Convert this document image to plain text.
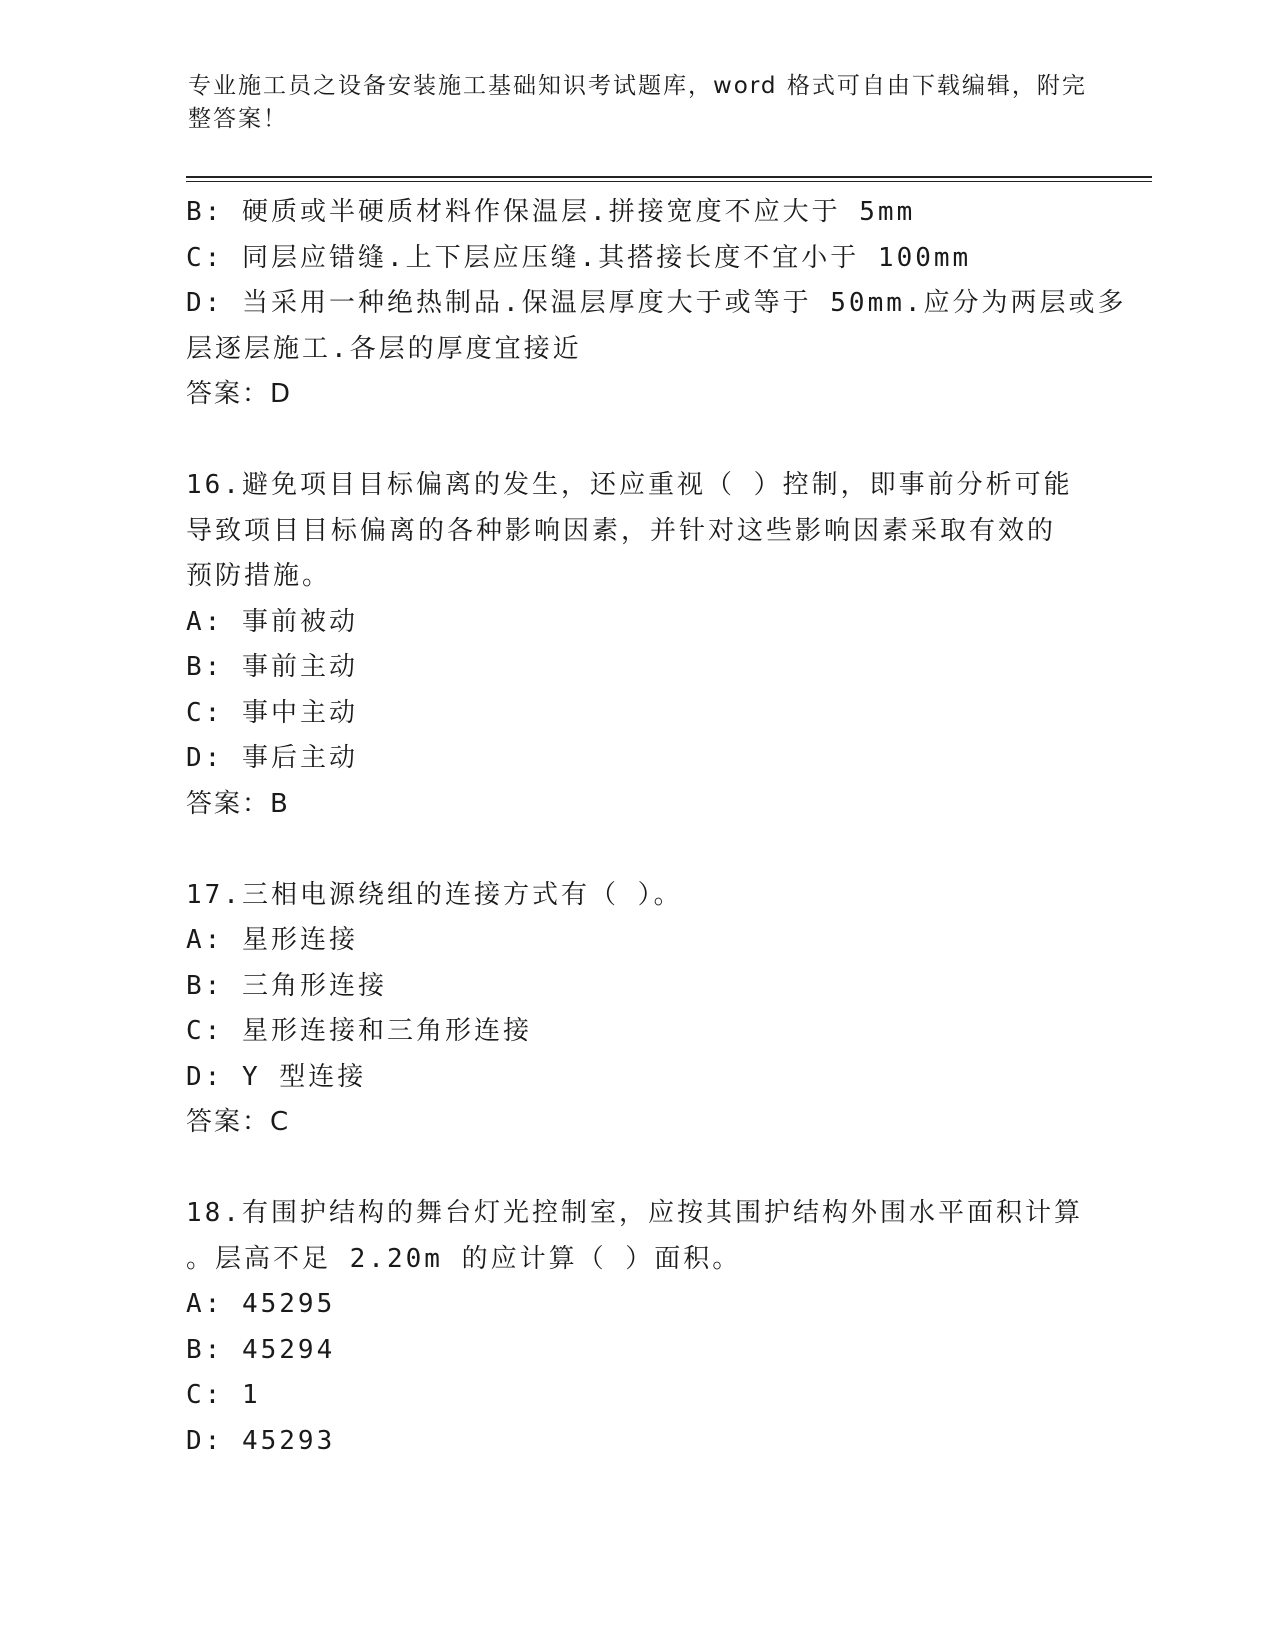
专业施工员之设备安装施工基础知识考试题库，word 格式可自由下载编辑，附完
整答案！
B: 硬质或半硬质材料作保温层.拼接宽度不应大于 5mm
C: 同层应错缝.上下层应压缝.其搭接长度不宜小于 100mm
D: 当采用一种绝热制品.保温层厚度大于或等于 50mm.应分为两层或多
层逐层施工.各层的厚度宜接近
答案：D
16.避免项目目标偏离的发生，还应重视（ ）控制，即事前分析可能
导致项目目标偏离的各种影响因素，并针对这些影响因素采取有效的
预防措施。
A: 事前被动
B: 事前主动
C: 事中主动
D: 事后主动
答案：B
17.三相电源绕组的连接方式有（ ）。
A: 星形连接
B: 三角形连接
C: 星形连接和三角形连接
D: Y 型连接
答案：C
18.有围护结构的舞台灯光控制室，应按其围护结构外围水平面积计算
。层高不足 2.20m 的应计算（ ）面积。
A: 45295
B: 45294
C: 1
D: 45293
